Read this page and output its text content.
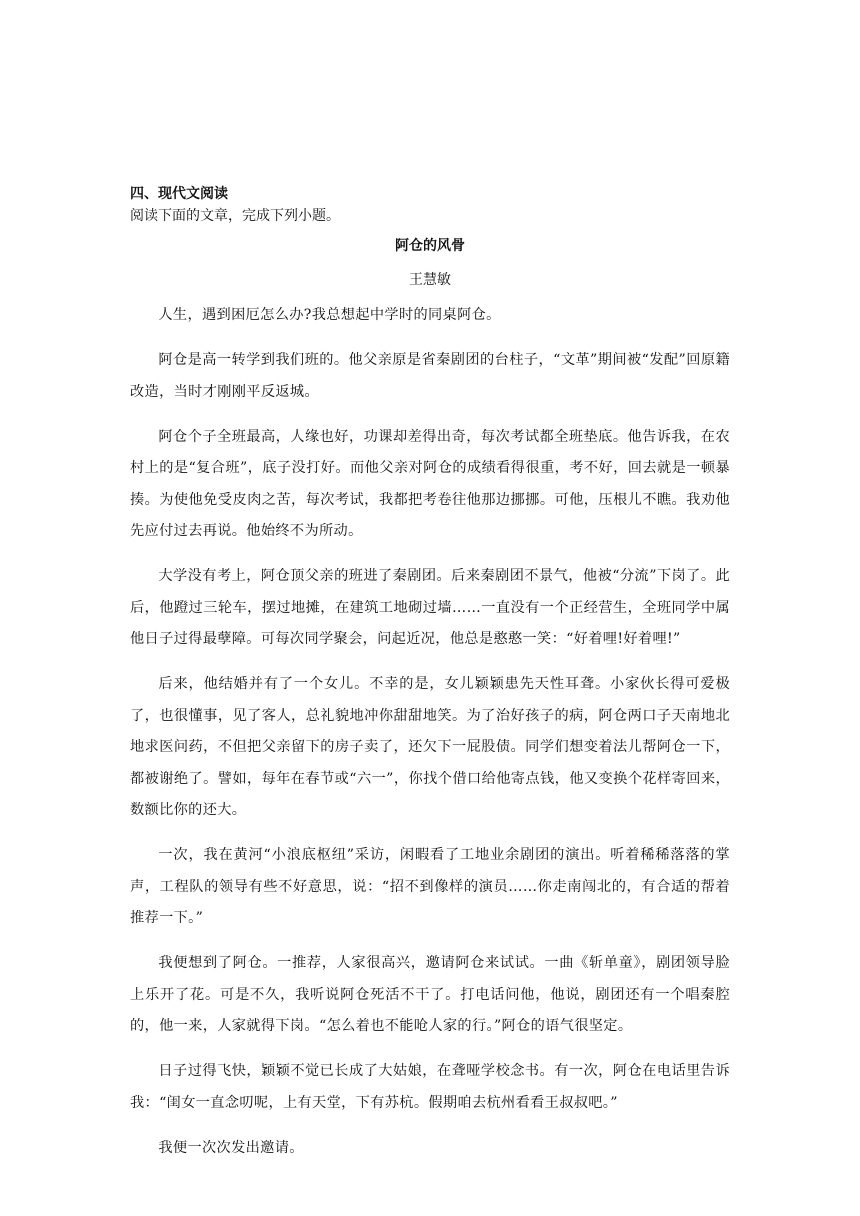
四、现代文阅读

阅读下面的文章，完成下列小题。

阿仓的风骨

王慧敏

人生，遇到困厄怎么办?我总想起中学时的同桌阿仓。

阿仓是高一转学到我们班的。他父亲原是省秦剧团的台柱子，“文革”期间被“发配”回原籍改造，当时才刚刚平反返城。

阿仓个子全班最高，人缘也好，功课却差得出奇，每次考试都全班垫底。他告诉我，在农村上的是“复合班”，底子没打好。而他父亲对阿仓的成绩看得很重，考不好，回去就是一顿暴揍。为使他免受皮肉之苦，每次考试，我都把考卷往他那边挪挪。可他，压根儿不瞧。我劝他先应付过去再说。他始终不为所动。

大学没有考上，阿仓顶父亲的班进了秦剧团。后来秦剧团不景气，他被“分流”下岗了。此后，他蹬过三轮车，摆过地摊，在建筑工地砌过墙……一直没有一个正经营生，全班同学中属他日子过得最孽障。可每次同学聚会，问起近况，他总是憨憨一笑：“好着哩!好着哩!”

后来，他结婚并有了一个女儿。不幸的是，女儿颖颖患先天性耳聋。小家伙长得可爱极了，也很懂事，见了客人，总礼貌地冲你甜甜地笑。为了治好孩子的病，阿仓两口子天南地北地求医问药，不但把父亲留下的房子卖了，还欠下一屁股债。同学们想变着法儿帮阿仓一下，都被谢绝了。譬如，每年在春节或“六一”，你找个借口给他寄点钱，他又变换个花样寄回来，数额比你的还大。

一次，我在黄河“小浪底枢纽”采访，闲暇看了工地业余剧团的演出。听着稀稀落落的掌声，工程队的领导有些不好意思，说：“招不到像样的演员……你走南闯北的，有合适的帮着推荐一下。”

我便想到了阿仓。一推荐，人家很高兴，邀请阿仓来试试。一曲《斩单童》，剧团领导脸上乐开了花。可是不久，我听说阿仓死活不干了。打电话问他，他说，剧团还有一个唱秦腔的，他一来，人家就得下岗。“怎么着也不能呛人家的行。”阿仓的语气很坚定。

日子过得飞快，颖颖不觉已长成了大姑娘，在聋哑学校念书。有一次，阿仓在电话里告诉我：“闺女一直念叨呢，上有天堂，下有苏杭。假期咱去杭州看看王叔叔吧。”

我便一次次发出邀请。
